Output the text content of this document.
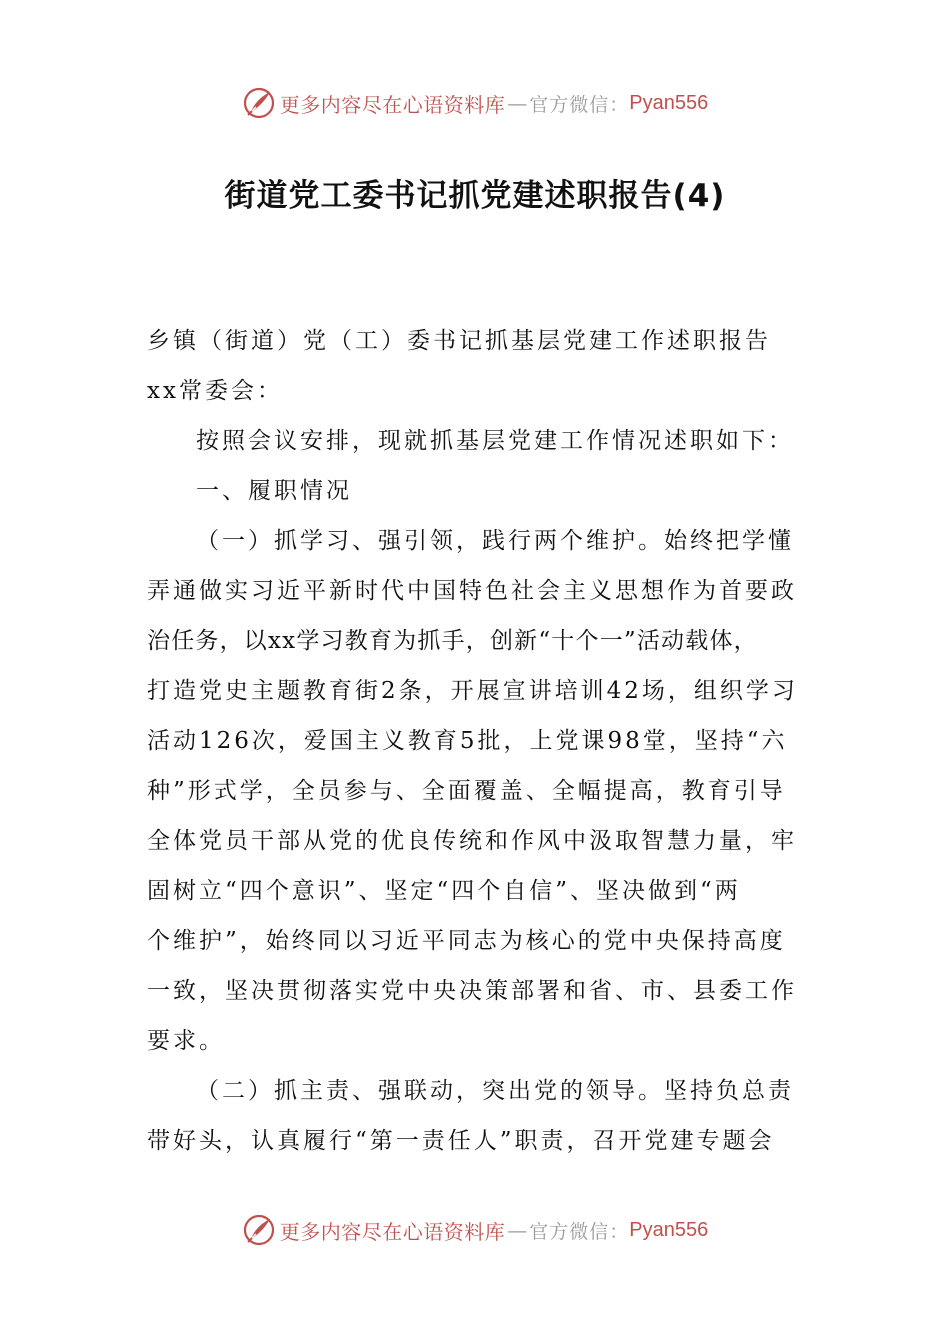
更多内容尽在心语资料库 — 官方微信： Pyan556
街道党工委书记抓党建述职报告(4)

乡镇（街道）党（工）委书记抓基层党建工作述职报告

xx常委会：

按照会议安排，现就抓基层党建工作情况述职如下：

一、履职情况

（一）抓学习、强引领，践行两个维护。始终把学懂

弄通做实习近平新时代中国特色社会主义思想作为首要政

治任务，以xx学习教育为抓手，创新“十个一”活动载体，

打造党史主题教育街2条，开展宣讲培训42场，组织学习

活动126次，爱国主义教育5批，上党课98堂，坚持“六

种”形式学，全员参与、全面覆盖、全幅提高，教育引导

全体党员干部从党的优良传统和作风中汲取智慧力量，牢

固树立“四个意识”、坚定“四个自信”、坚决做到“两

个维护”，始终同以习近平同志为核心的党中央保持高度

一致，坚决贯彻落实党中央决策部署和省、市、县委工作

要求。

（二）抓主责、强联动，突出党的领导。坚持负总责

带好头，认真履行“第一责任人”职责，召开党建专题会

更多内容尽在心语资料库 — 官方微信： Pyan556
